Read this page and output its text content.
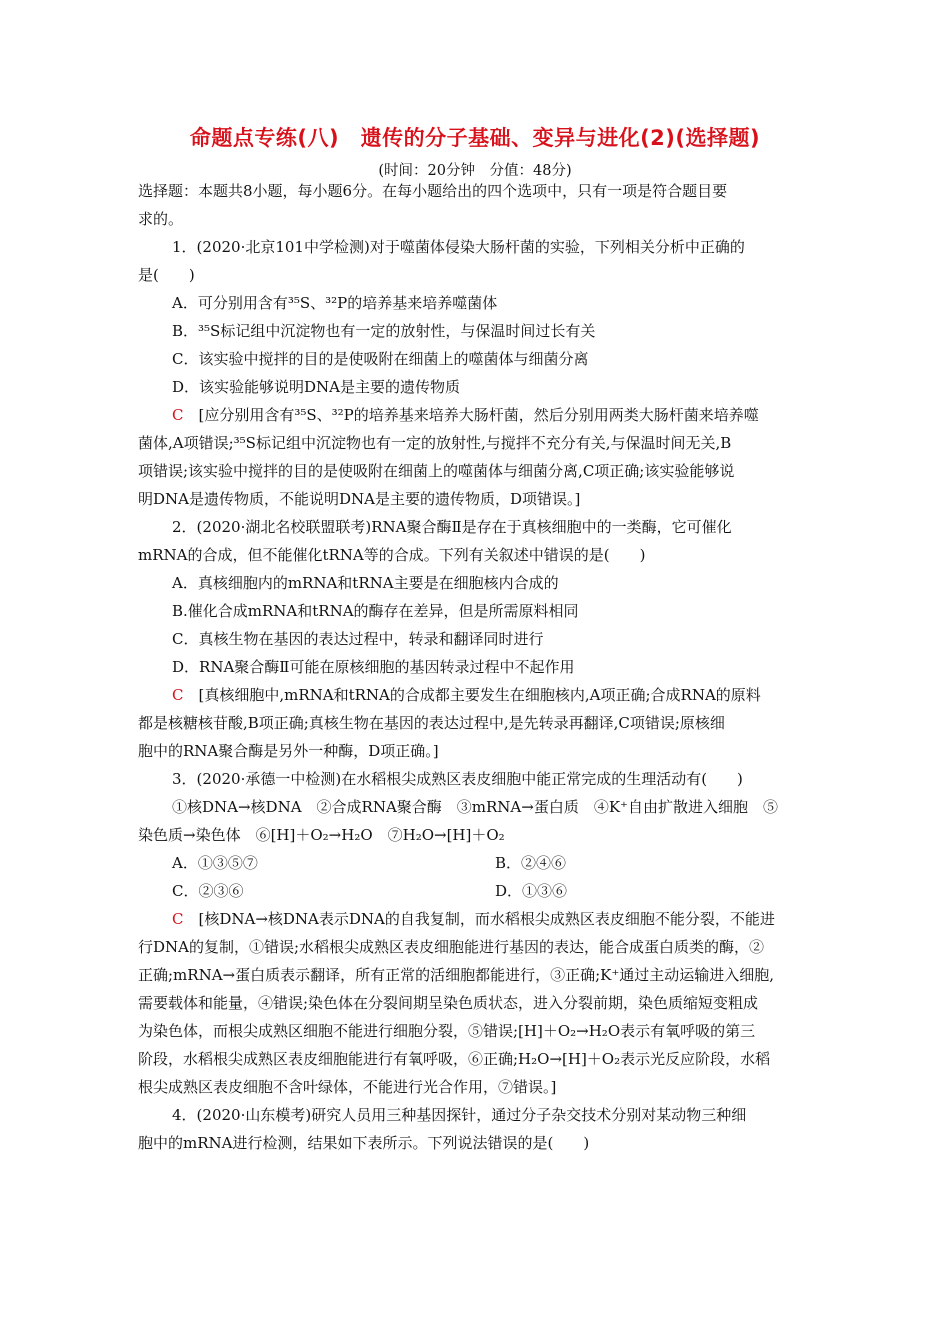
命题点专练(八)　遗传的分子基础、变异与进化(2)(选择题)
(时间：20分钟　分值：48分)
选择题：本题共8小题，每小题6分。在每小题给出的四个选项中，只有一项是符合题目要
求的。
1．(2020·北京101中学检测)对于噬菌体侵染大肠杆菌的实验，下列相关分析中正确的
是(　　)
A．可分别用含有³⁵S、³²P的培养基来培养噬菌体
B．³⁵S标记组中沉淀物也有一定的放射性，与保温时间过长有关
C．该实验中搅拌的目的是使吸附在细菌上的噬菌体与细菌分离
D．该实验能够说明DNA是主要的遗传物质
C　 [应分别用含有³⁵S、³²P的培养基来培养大肠杆菌，然后分别用两类大肠杆菌来培养噬
菌体,A项错误;³⁵S标记组中沉淀物也有一定的放射性,与搅拌不充分有关,与保温时间无关,B
项错误;该实验中搅拌的目的是使吸附在细菌上的噬菌体与细菌分离,C项正确;该实验能够说
明DNA是遗传物质，不能说明DNA是主要的遗传物质，D项错误。]
2．(2020·湖北名校联盟联考)RNA聚合酶Ⅱ是存在于真核细胞中的一类酶，它可催化
mRNA的合成，但不能催化tRNA等的合成。下列有关叙述中错误的是(　　)
A．真核细胞内的mRNA和tRNA主要是在细胞核内合成的
B.催化合成mRNA和tRNA的酶存在差异，但是所需原料相同
C．真核生物在基因的表达过程中，转录和翻译同时进行
D．RNA聚合酶Ⅱ可能在原核细胞的基因转录过程中不起作用
C　 [真核细胞中,mRNA和tRNA的合成都主要发生在细胞核内,A项正确;合成RNA的原料
都是核糖核苷酸,B项正确;真核生物在基因的表达过程中,是先转录再翻译,C项错误;原核细
胞中的RNA聚合酶是另外一种酶，D项正确。]
3．(2020·承德一中检测)在水稻根尖成熟区表皮细胞中能正常完成的生理活动有(　　)
①核DNA→核DNA　②合成RNA聚合酶　③mRNA→蛋白质　④K⁺自由扩散进入细胞　⑤
染色质→染色体　⑥[H]＋O₂→H₂O　⑦H₂O→[H]＋O₂
A．①③⑤⑦	B．②④⑥
C．②③⑥	D．①③⑥
C　 [核DNA→核DNA表示DNA的自我复制，而水稻根尖成熟区表皮细胞不能分裂，不能进
行DNA的复制，①错误;水稻根尖成熟区表皮细胞能进行基因的表达，能合成蛋白质类的酶，②
正确;mRNA→蛋白质表示翻译，所有正常的活细胞都能进行，③正确;K⁺通过主动运输进入细胞,
需要载体和能量，④错误;染色体在分裂间期呈染色质状态，进入分裂前期，染色质缩短变粗成
为染色体，而根尖成熟区细胞不能进行细胞分裂，⑤错误;[H]＋O₂→H₂O表示有氧呼吸的第三
阶段，水稻根尖成熟区表皮细胞能进行有氧呼吸，⑥正确;H₂O→[H]＋O₂表示光反应阶段，水稻
根尖成熟区表皮细胞不含叶绿体，不能进行光合作用，⑦错误。]
4．(2020·山东模考)研究人员用三种基因探针，通过分子杂交技术分别对某动物三种细
胞中的mRNA进行检测，结果如下表所示。下列说法错误的是(　　)
